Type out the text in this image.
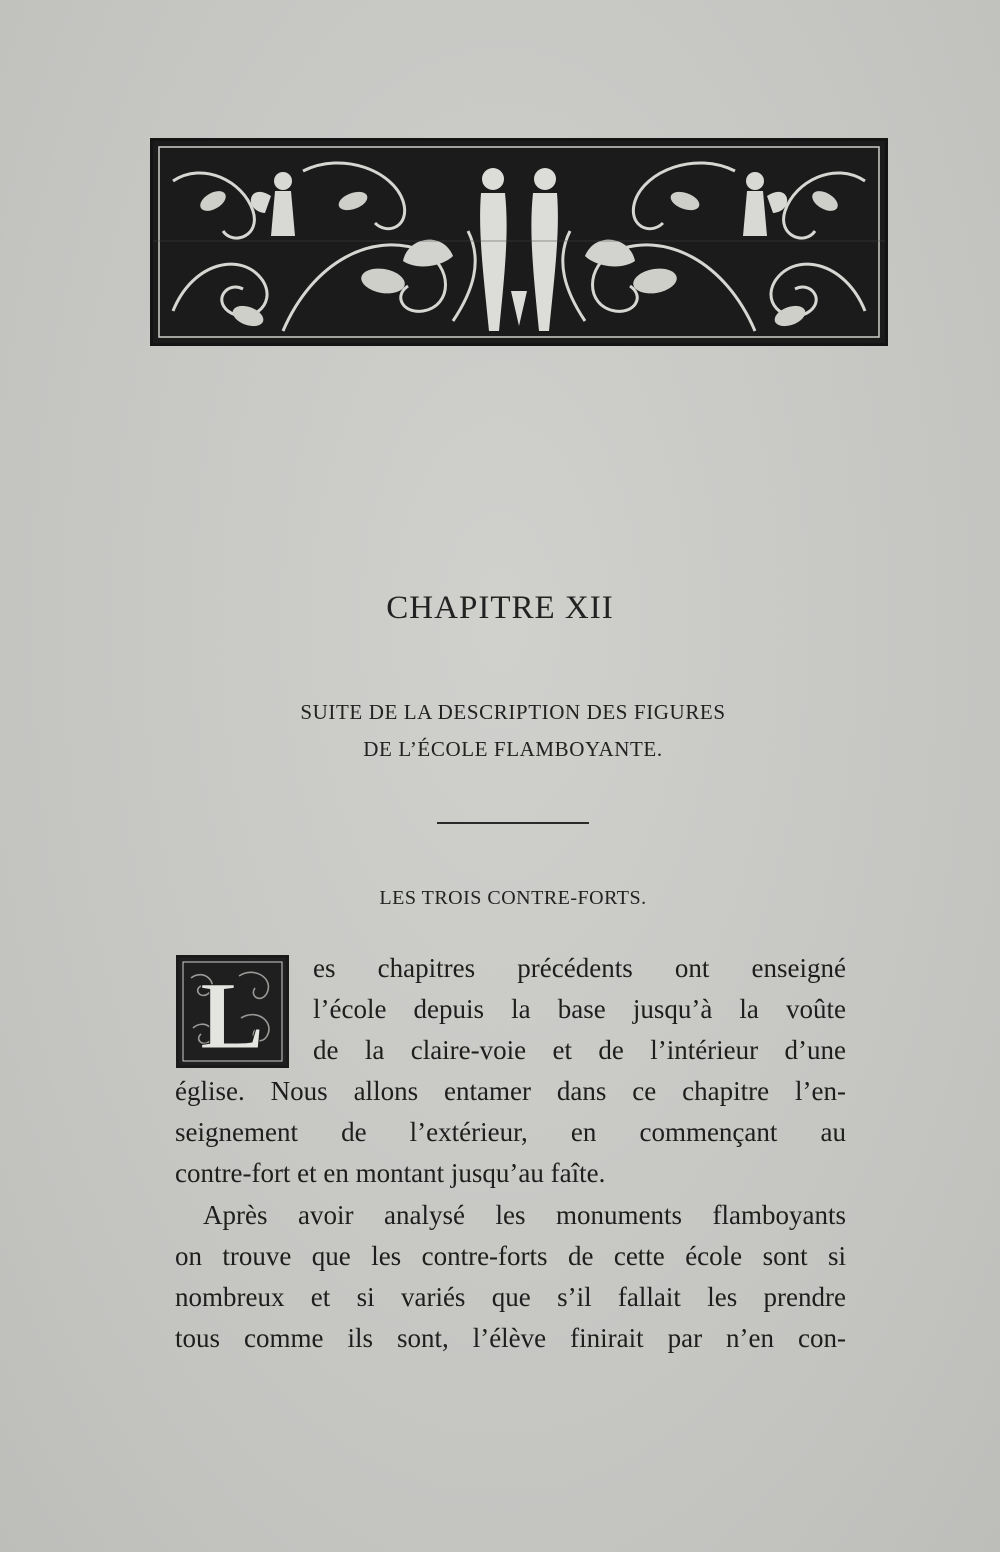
CHAPITRE XII
SUITE DE LA DESCRIPTION DES FIGURES
DE L’ÉCOLE FLAMBOYANTE.
LES TROIS CONTRE-FORTS.
L es chapitres précédents ont enseigné
l’école depuis la base jusqu’à la voûte
de la claire-voie et de l’intérieur d’une
église. Nous allons entamer dans ce chapitre l’en-
seignement de l’extérieur, en commençant au
contre-fort et en montant jusqu’au faîte.
Après avoir analysé les monuments flamboyants
on trouve que les contre-forts de cette école sont si
nombreux et si variés que s’il fallait les prendre
tous comme ils sont, l’élève finirait par n’en con-
